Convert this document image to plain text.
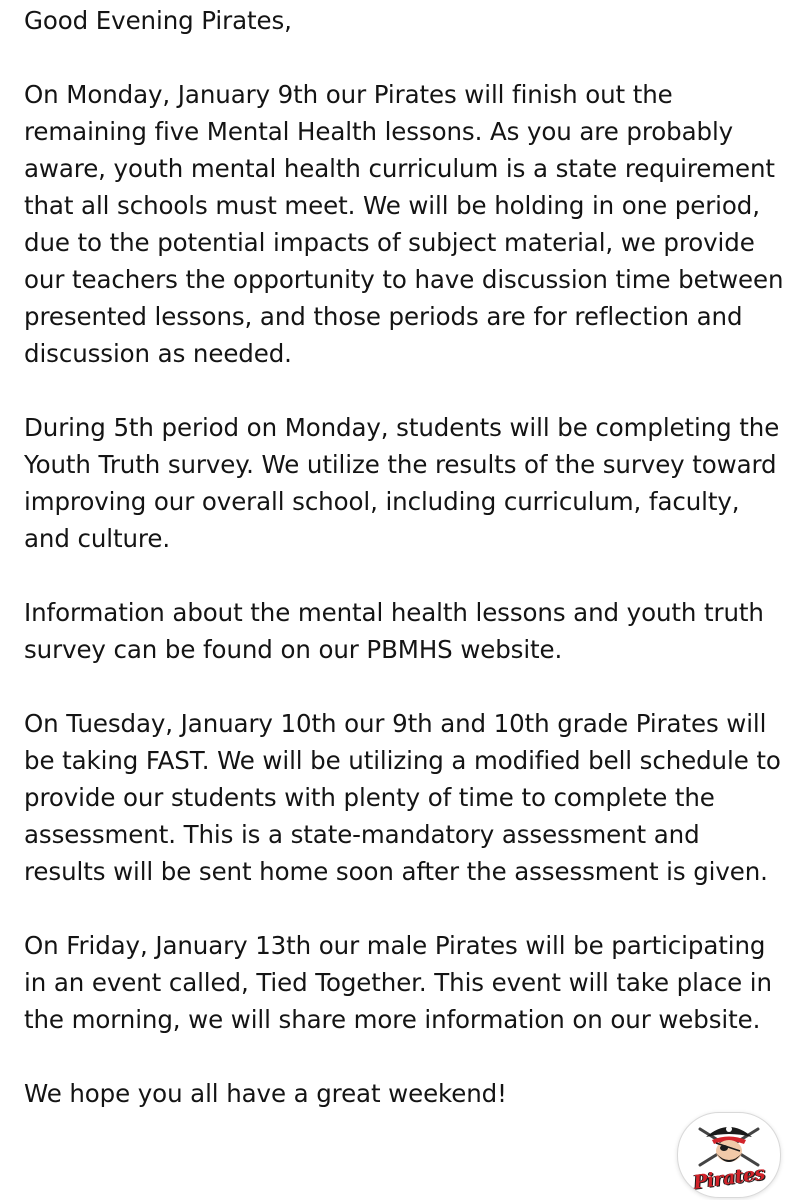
Good Evening Pirates,

On Monday, January 9th our Pirates will finish out the remaining five Mental Health lessons. As you are probably aware, youth mental health curriculum is a state requirement that all schools must meet. We will be holding in one period, due to the potential impacts of subject material, we provide our teachers the opportunity to have discussion time between presented lessons, and those periods are for reflection and discussion as needed.

During 5th period on Monday, students will be completing the Youth Truth survey. We utilize the results of the survey toward improving our overall school, including curriculum, faculty, and culture.

Information about the mental health lessons and youth truth survey can be found on our PBMHS website.

On Tuesday, January 10th our 9th and 10th grade Pirates will be taking FAST. We will be utilizing a modified bell schedule to provide our students with plenty of time to complete the assessment. This is a state-mandatory assessment and results will be sent home soon after the assessment is given.

On Friday, January 13th our male Pirates will be participating in an event called, Tied Together. This event will take place in the morning, we will share more information on our website.

We hope you all have a great weekend!

Pirates
